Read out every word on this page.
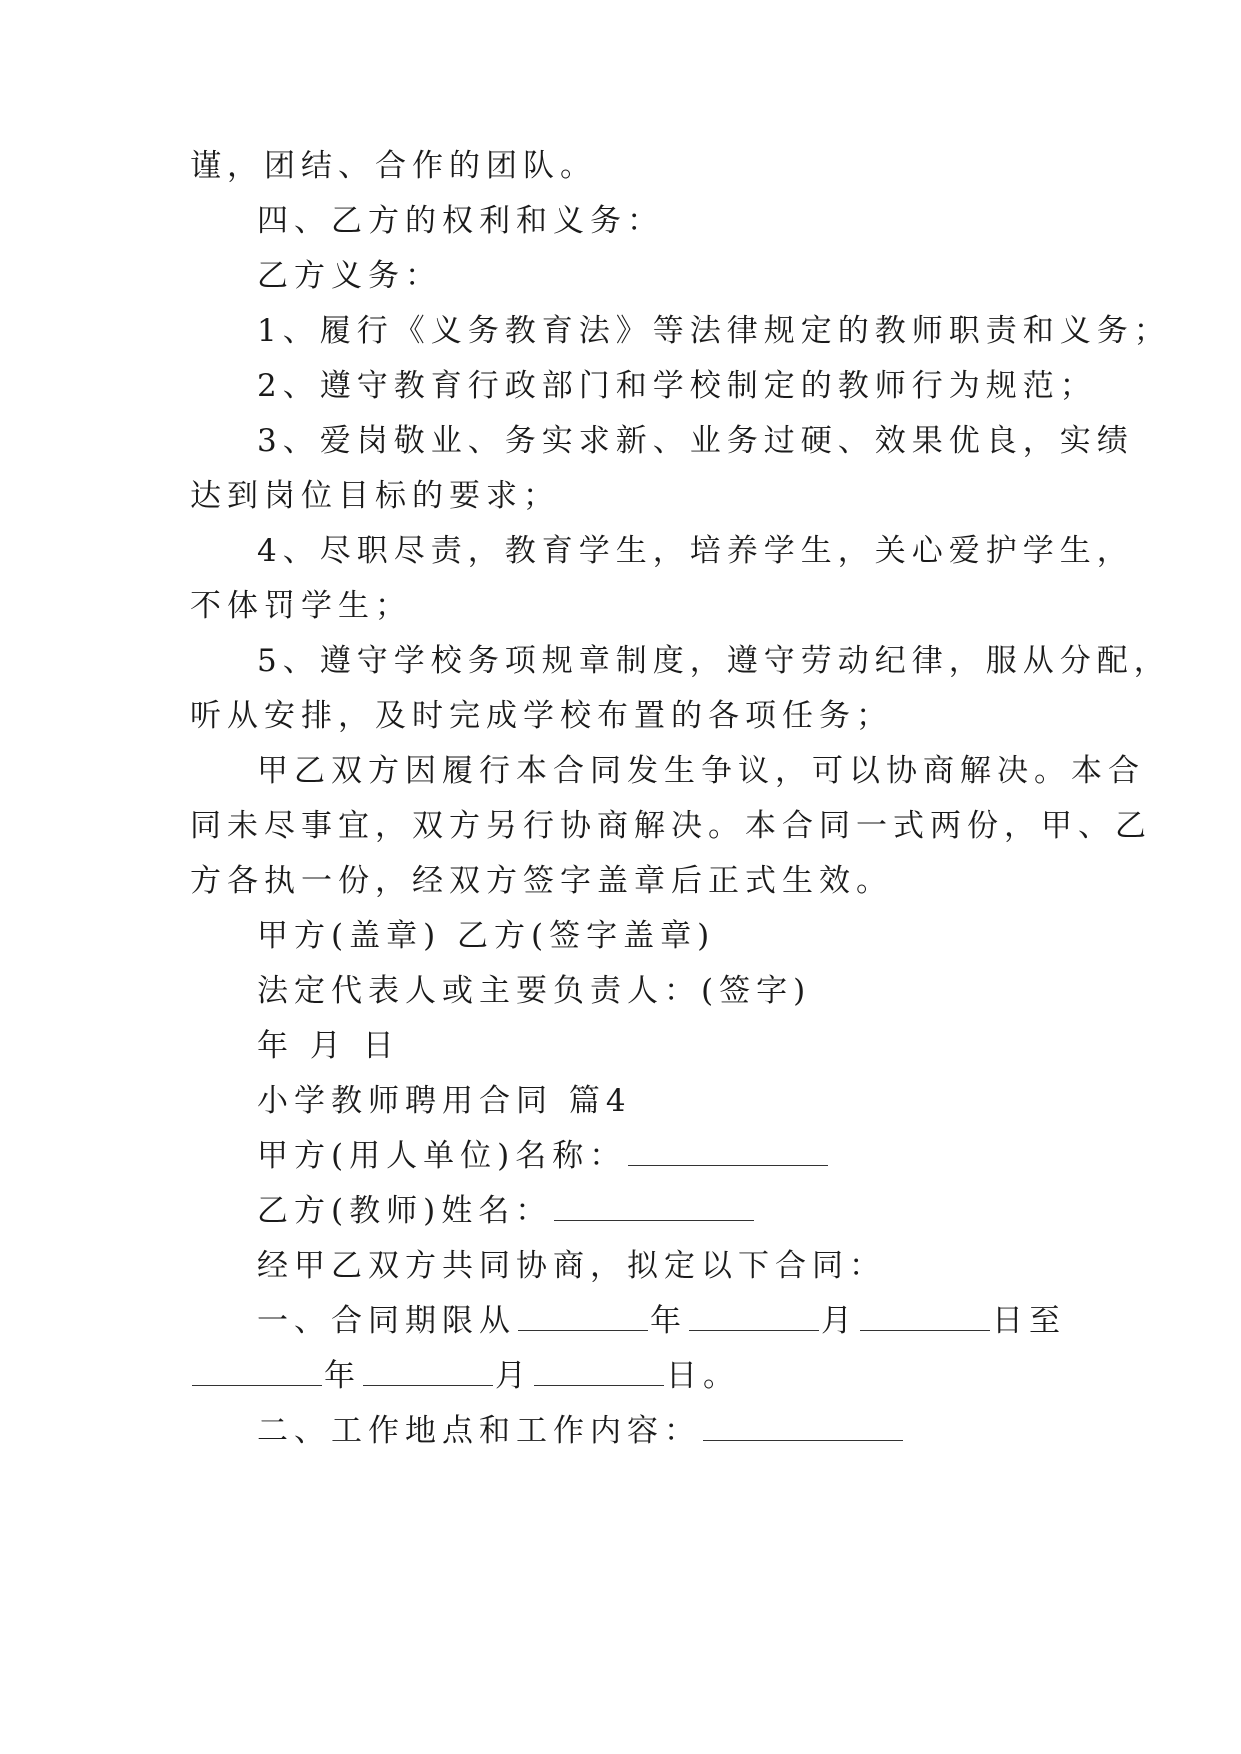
谨，团结、合作的团队。
四、乙方的权利和义务：
乙方义务：
1、履行《义务教育法》等法律规定的教师职责和义务；
2、遵守教育行政部门和学校制定的教师行为规范；
3、爱岗敬业、务实求新、业务过硬、效果优良，实绩
达到岗位目标的要求；
4、尽职尽责，教育学生，培养学生，关心爱护学生，
不体罚学生；
5、遵守学校务项规章制度，遵守劳动纪律，服从分配，
听从安排，及时完成学校布置的各项任务；
甲乙双方因履行本合同发生争议，可以协商解决。本合
同未尽事宜，双方另行协商解决。本合同一式两份，甲、乙
方各执一份，经双方签字盖章后正式生效。
甲方(盖章) 乙方(签字盖章)
法定代表人或主要负责人：(签字)
年 月 日
小学教师聘用合同 篇4
甲方(用人单位)名称：
乙方(教师)姓名：
经甲乙双方共同协商，拟定以下合同：
一、合同期限从	年	月	日至
年	月	日。
二、工作地点和工作内容：
